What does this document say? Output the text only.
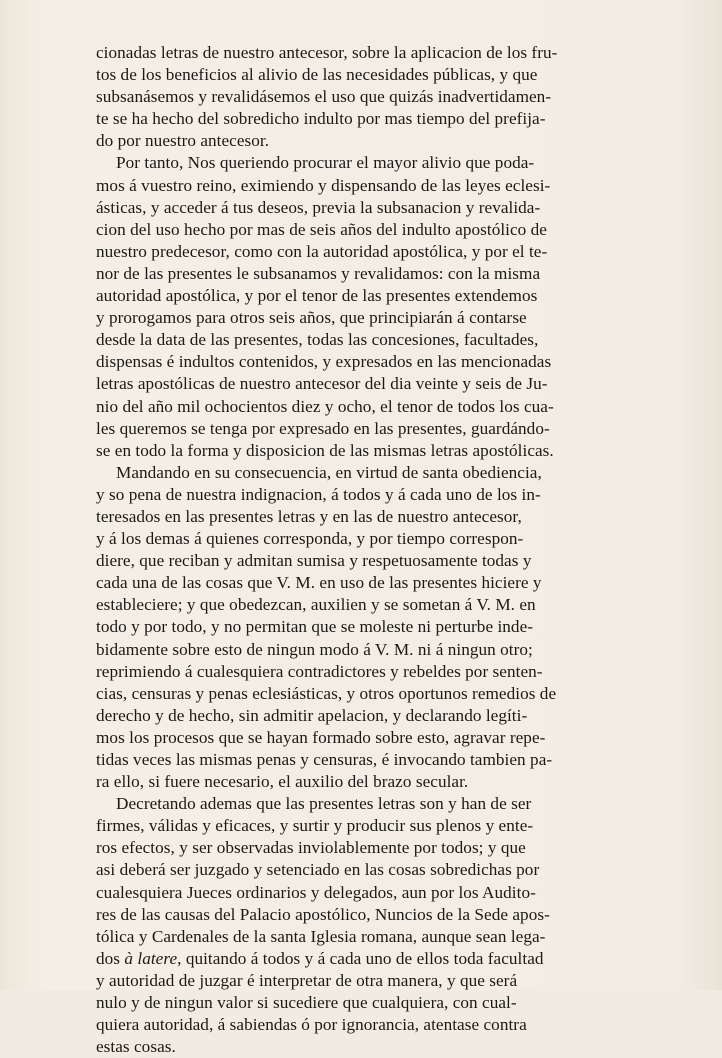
cionadas letras de nuestro antecesor, sobre la aplicacion de los fru-
tos de los beneficios al alivio de las necesidades públicas, y que
subsanásemos y revalidásemos el uso que quizás inadvertidamen-
te se ha hecho del sobredicho indulto por mas tiempo del prefija-
do por nuestro antecesor.

Por tanto, Nos queriendo procurar el mayor alivio que poda-
mos á vuestro reino, eximiendo y dispensando de las leyes eclesi-
ásticas, y acceder á tus deseos, previa la subsanacion y revalida-
cion del uso hecho por mas de seis años del indulto apostólico de
nuestro predecesor, como con la autoridad apostólica, y por el te-
nor de las presentes le subsanamos y revalidamos: con la misma
autoridad apostólica, y por el tenor de las presentes extendemos
y prorogamos para otros seis años, que principiarán á contarse
desde la data de las presentes, todas las concesiones, facultades,
dispensas é indultos contenidos, y expresados en las mencionadas
letras apostólicas de nuestro antecesor del dia veinte y seis de Ju-
nio del año mil ochocientos diez y ocho, el tenor de todos los cua-
les queremos se tenga por expresado en las presentes, guardándo-
se en todo la forma y disposicion de las mismas letras apostólicas.

Mandando en su consecuencia, en virtud de santa obediencia,
y so pena de nuestra indignacion, á todos y á cada uno de los in-
teresados en las presentes letras y en las de nuestro antecesor,
y á los demas á quienes corresponda, y por tiempo correspon-
diere, que reciban y admitan sumisa y respetuosamente todas y
cada una de las cosas que V. M. en uso de las presentes hiciere y
estableciere; y que obedezcan, auxilien y se sometan á V. M. en
todo y por todo, y no permitan que se moleste ni perturbe inde-
bidamente sobre esto de ningun modo á V. M. ni á ningun otro;
reprimiendo á cualesquiera contradictores y rebeldes por senten-
cias, censuras y penas eclesiásticas, y otros oportunos remedios de
derecho y de hecho, sin admitir apelacion, y declarando legíti-
mos los procesos que se hayan formado sobre esto, agravar repe-
tidas veces las mismas penas y censuras, é invocando tambien pa-
ra ello, si fuere necesario, el auxilio del brazo secular.

Decretando ademas que las presentes letras son y han de ser
firmes, válidas y eficaces, y surtir y producir sus plenos y ente-
ros efectos, y ser observadas inviolablemente por todos; y que
asi deberá ser juzgado y setenciado en las cosas sobredichas por
cualesquiera Jueces ordinarios y delegados, aun por los Audito-
res de las causas del Palacio apostólico, Nuncios de la Sede apos-
tólica y Cardenales de la santa Iglesia romana, aunque sean lega-
dos à latere, quitando á todos y á cada uno de ellos toda facultad
y autoridad de juzgar é interpretar de otra manera, y que será
nulo y de ningun valor si sucediere que cualquiera, con cual-
quiera autoridad, á sabiendas ó por ignorancia, atentase contra
estas cosas.
